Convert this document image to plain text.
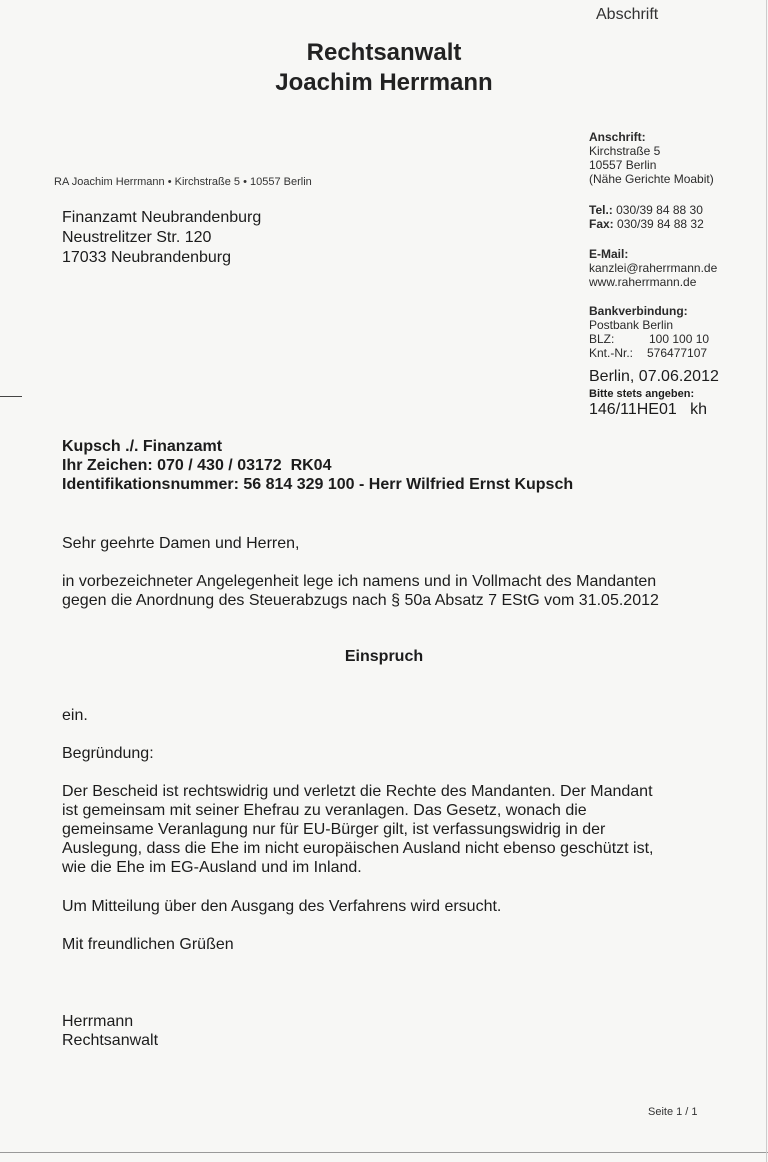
Abschrift
Rechtsanwalt
Joachim Herrmann
RA Joachim Herrmann • Kirchstraße 5 • 10557 Berlin
Finanzamt Neubrandenburg
Neustrelitzer Str. 120
17033 Neubrandenburg
Anschrift:
Kirchstraße 5
10557 Berlin
(Nähe Gerichte Moabit)
Tel.: 030/39 84 88 30
Fax: 030/39 84 88 32
E-Mail:
kanzlei@raherrmann.de
www.raherrmann.de
Bankverbindung:
Postbank Berlin
BLZ:	100 100 10
Knt.-Nr.: 576477107
Berlin, 07.06.2012
Bitte stets angeben:
146/11HE01   kh
Kupsch ./. Finanzamt
Ihr Zeichen: 070 / 430 / 03172  RK04
Identifikationsnummer: 56 814 329 100 - Herr Wilfried Ernst Kupsch
Sehr geehrte Damen und Herren,
in vorbezeichneter Angelegenheit lege ich namens und in Vollmacht des Mandanten
gegen die Anordnung des Steuerabzugs nach § 50a Absatz 7 EStG vom 31.05.2012
Einspruch
ein.
Begründung:
Der Bescheid ist rechtswidrig und verletzt die Rechte des Mandanten. Der Mandant
ist gemeinsam mit seiner Ehefrau zu veranlagen. Das Gesetz, wonach die
gemeinsame Veranlagung nur für EU-Bürger gilt, ist verfassungswidrig in der
Auslegung, dass die Ehe im nicht europäischen Ausland nicht ebenso geschützt ist,
wie die Ehe im EG-Ausland und im Inland.
Um Mitteilung über den Ausgang des Verfahrens wird ersucht.
Mit freundlichen Grüßen
Herrmann
Rechtsanwalt
Seite 1 / 1
